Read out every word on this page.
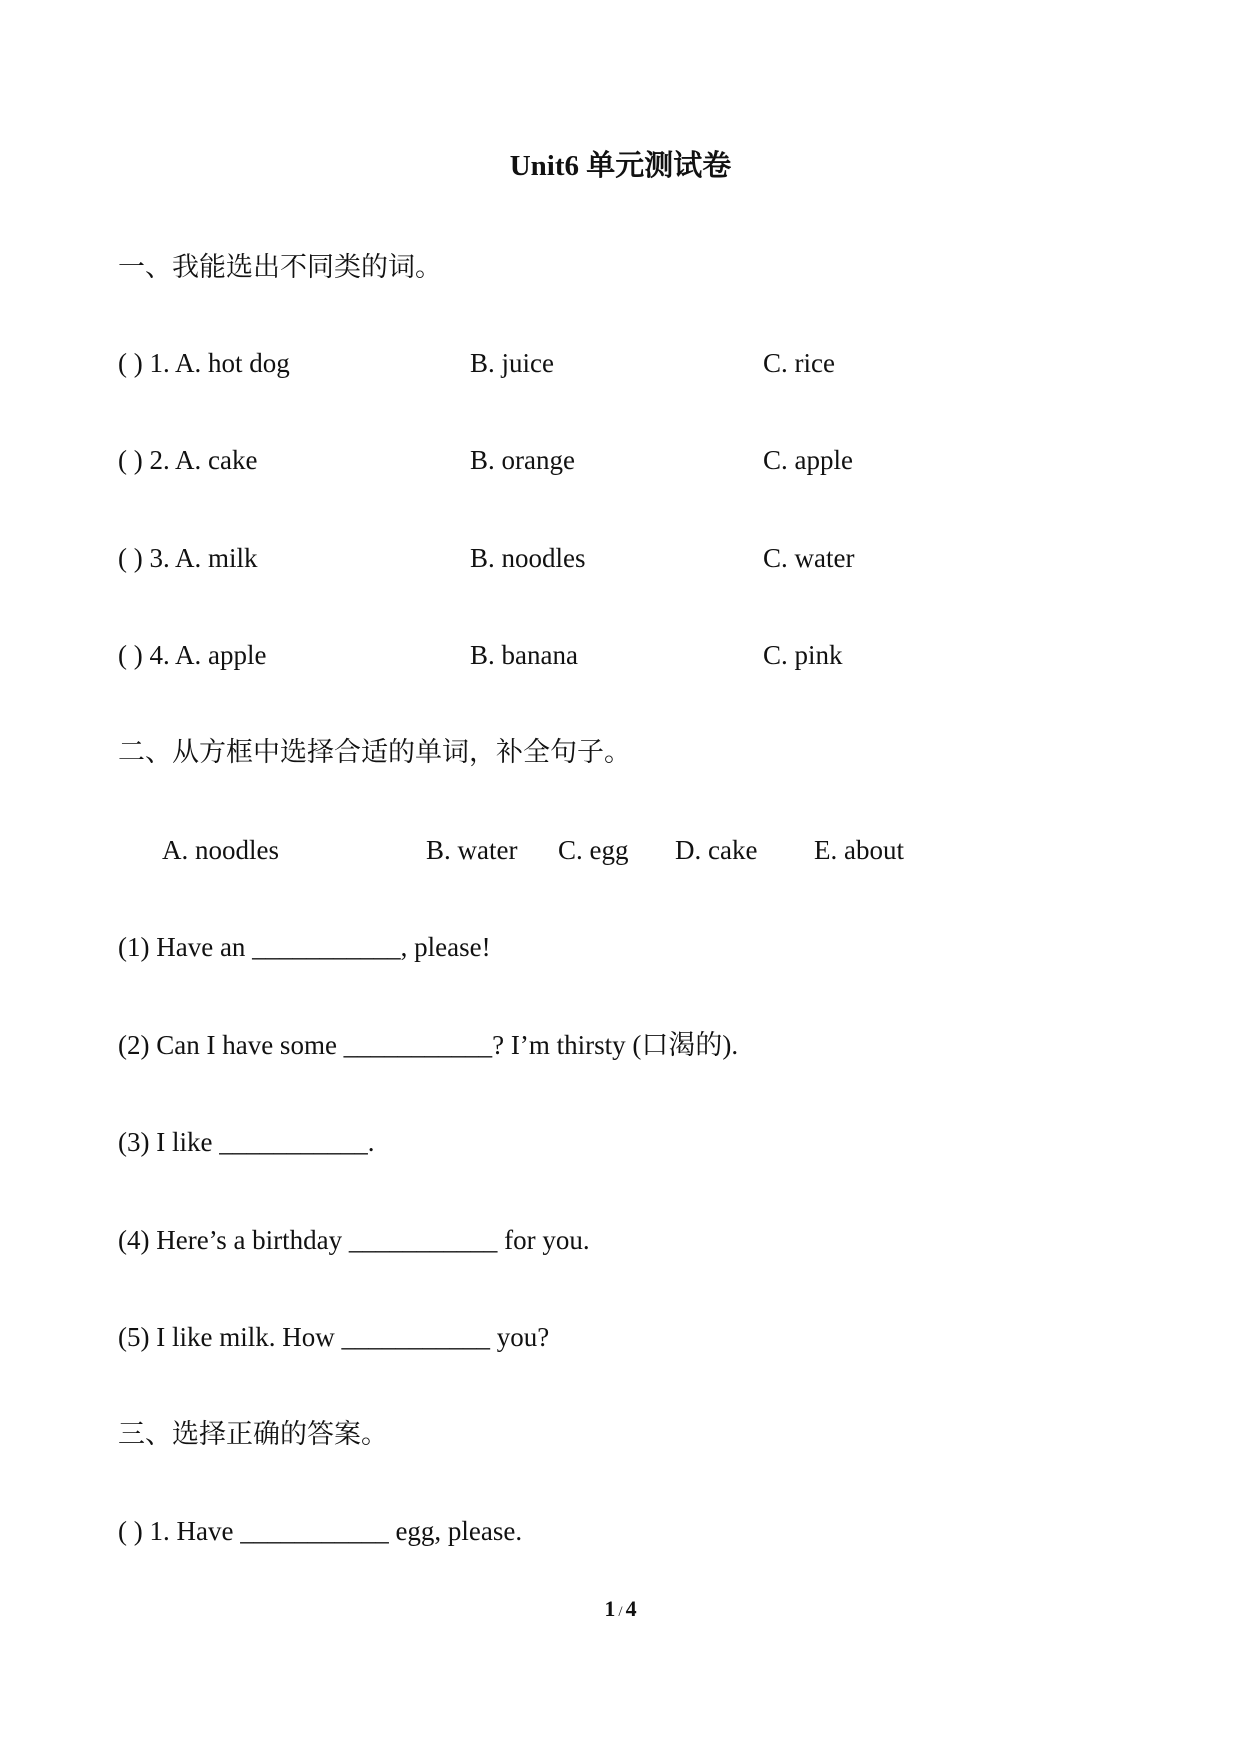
Unit6 单元测试卷
一、我能选出不同类的词。
( ) 1. A. hot dog	B. juice	C. rice
( ) 2. A. cake	B. orange	C. apple
( ) 3. A. milk	B. noodles	C. water
( ) 4. A. apple	B. banana	C. pink
二、从方框中选择合适的单词，补全句子。
A. noodles	B. water C. egg D. cake E. about
(1) Have an ___________, please!
(2) Can I have some ___________? I’m thirsty (口渴的).
(3) I like ___________.
(4) Here’s a birthday ___________ for you.
(5) I like milk. How ___________ you?
三、选择正确的答案。
( ) 1. Have ___________ egg, please.
1 / 4
